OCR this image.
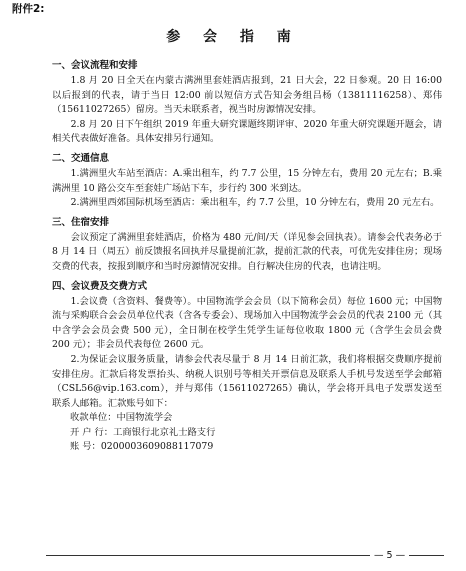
附件2:
参 会 指 南
一、会议流程和安排

1.8 月 20 日全天在内蒙古满洲里套娃酒店报到，21 日大会，22 日参观。20 日 16:00 以后报到的代表，请于当日 12:00 前以短信方式告知会务组吕杨（13811116258）、郑伟（15611027265）留房。当天未联系者，视当时房源情况安排。

2.8 月 20 日下午组织 2019 年重大研究课题终期评审、2020 年重大研究课题开题会，请相关代表做好准备。具体安排另行通知。

二、交通信息

1.满洲里火车站至酒店：A.乘出租车，约 7.7 公里，15 分钟左右，费用 20 元左右；B.乘满洲里 10 路公交车至套娃广场站下车，步行约 300 米到达。

2.满洲里西郊国际机场至酒店：乘出租车，约 7.7 公里，10 分钟左右，费用 20 元左右。

三、住宿安排

会议预定了满洲里套娃酒店，价格为 480 元/间/天（详见参会回执表）。请参会代表务必于 8 月 14 日（周五）前反馈报名回执并尽量提前汇款，提前汇款的代表，可优先安排住房；现场交费的代表，按报到顺序和当时房源情况安排。自行解决住房的代表，也请注明。

四、会议费及交费方式

1.会议费（含资料、餐费等）。中国物流学会会员（以下简称会员）每位 1600 元；中国物流与采购联合会会员单位代表（含各专委会）、现场加入中国物流学会会员的代表 2100 元（其中含学会会员会费 500 元），全日制在校学生凭学生证每位收取 1800 元（含学生会员会费 200 元）；非会员代表每位 2600 元。

2.为保证会议服务质量，请参会代表尽量于 8 月 14 日前汇款，我们将根据交费顺序提前安排住房。汇款后将发票抬头、纳税人识别号等相关开票信息及联系人手机号发送至学会邮箱（CSL56@vip.163.com），并与郑伟（15611027265）确认，学会将开具电子发票发送至联系人邮箱。汇款账号如下：

收款单位：中国物流学会
开 户 行：工商银行北京礼士路支行
账 号：0200003609088117079
— 5 —
